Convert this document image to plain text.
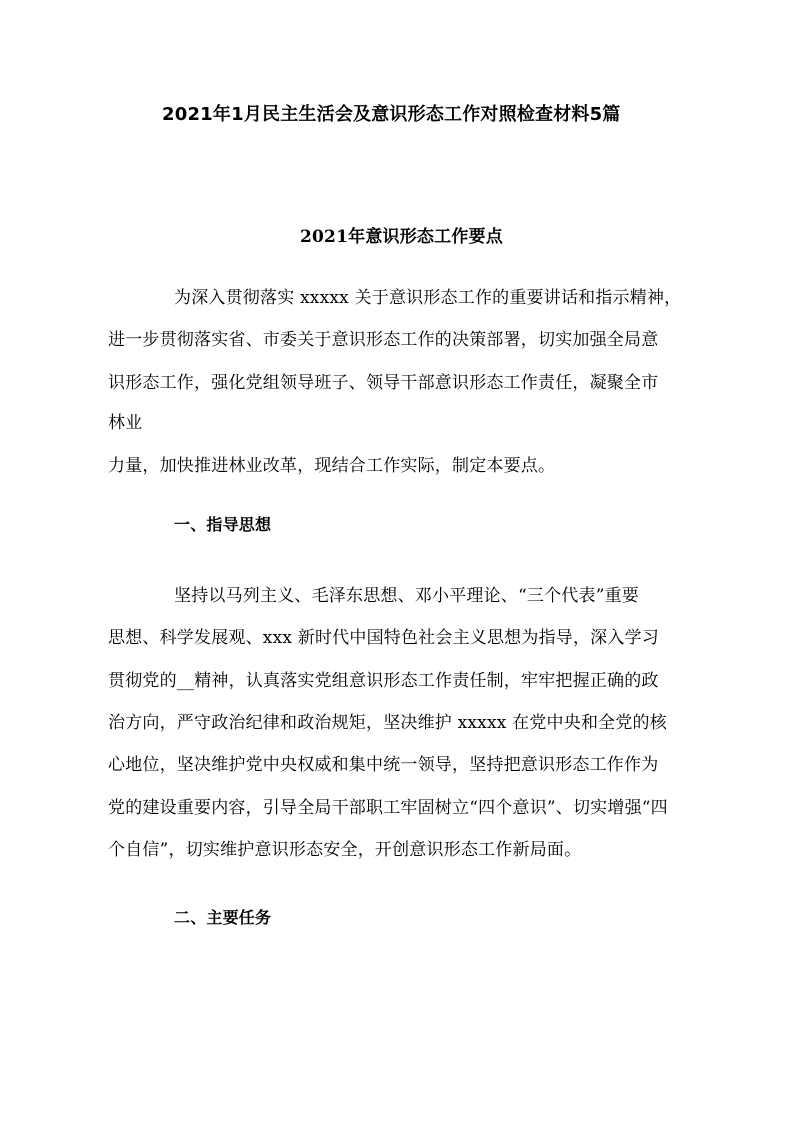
2021年1月民主生活会及意识形态工作对照检查材料5篇
2021年意识形态工作要点
为深入贯彻落实 xxxxx 关于意识形态工作的重要讲话和指示精神，
进一步贯彻落实省、市委关于意识形态工作的决策部署，切实加强全局意
识形态工作，强化党组领导班子、领导干部意识形态工作责任，凝聚全市
林业
力量，加快推进林业改革，现结合工作实际，制定本要点。
一、指导思想
坚持以马列主义、毛泽东思想、邓小平理论、“三个代表”重要
思想、科学发展观、xxx 新时代中国特色社会主义思想为指导，深入学习
贯彻党的__精神，认真落实党组意识形态工作责任制，牢牢把握正确的政
治方向，严守政治纪律和政治规矩，坚决维护 xxxxx 在党中央和全党的核
心地位，坚决维护党中央权威和集中统一领导，坚持把意识形态工作作为
党的建设重要内容，引导全局干部职工牢固树立“四个意识”、切实增强“四
个自信”，切实维护意识形态安全，开创意识形态工作新局面。
二、主要任务
